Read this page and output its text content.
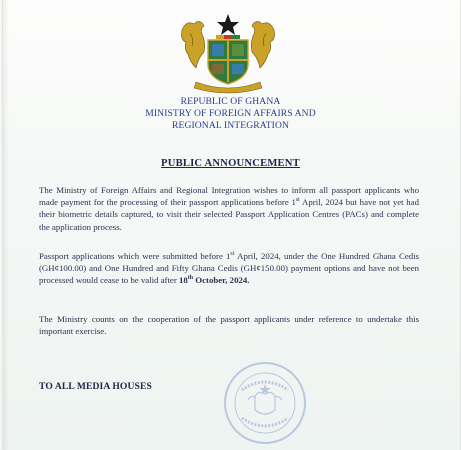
REPUBLIC OF GHANA
MINISTRY OF FOREIGN AFFAIRS AND
REGIONAL INTEGRATION
PUBLIC ANNOUNCEMENT
The Ministry of Foreign Affairs and Regional Integration wishes to inform all passport applicants who made payment for the processing of their passport applications before 1st April, 2024 but have not yet had their biometric details captured, to visit their selected Passport Application Centres (PACs) and complete the application process.
Passport applications which were submitted before 1st April, 2024, under the One Hundred Ghana Cedis (GH¢100.00) and One Hundred and Fifty Ghana Cedis (GH¢150.00) payment options and have not been processed would cease to be valid after 18th October, 2024.
The Ministry counts on the cooperation of the passport applicants under reference to undertake this important exercise.
TO ALL MEDIA HOUSES
